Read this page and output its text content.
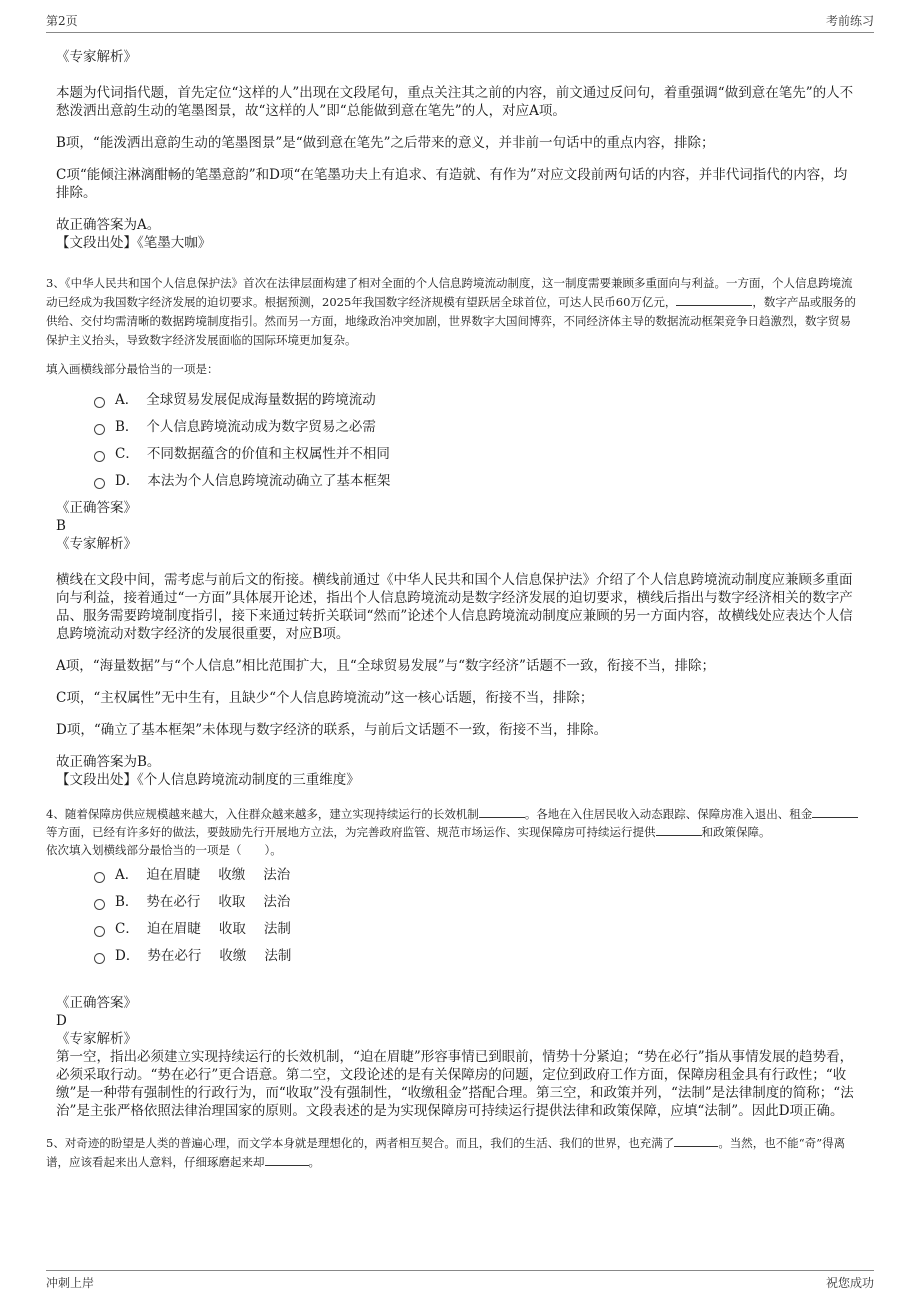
第2页	考前练习

《专家解析》

本题为代词指代题，首先定位“这样的人”出现在文段尾句，重点关注其之前的内容，前文通过反问句，着重强调“做到意在笔先”的人不愁泼洒出意韵生动的笔墨图景，故“这样的人”即“总能做到意在笔先”的人，对应A项。

B项，“能泼洒出意韵生动的笔墨图景”是“做到意在笔先”之后带来的意义，并非前一句话中的重点内容，排除；

C项“能倾注淋漓酣畅的笔墨意韵”和D项“在笔墨功夫上有追求、有造就、有作为”对应文段前两句话的内容，并非代词指代的内容，均排除。

故正确答案为A。

【文段出处】《笔墨大咖》

3、《中华人民共和国个人信息保护法》首次在法律层面构建了相对全面的个人信息跨境流动制度，这一制度需要兼顾多重面向与利益。一方面，个人信息跨境流动已经成为我国数字经济发展的迫切要求。根据预测，2025年我国数字经济规模有望跃居全球首位，可达人民币60万亿元，	，数字产品或服务的供给、交付均需清晰的数据跨境制度指引。然而另一方面，地缘政治冲突加剧，世界数字大国间博弈，不同经济体主导的数据流动框架竞争日趋激烈，数字贸易保护主义抬头，导致数字经济发展面临的国际环境更加复杂。

填入画横线部分最恰当的一项是：

A． 全球贸易发展促成海量数据的跨境流动
B． 个人信息跨境流动成为数字贸易之必需
C． 不同数据蕴含的价值和主权属性并不相同
D． 本法为个人信息跨境流动确立了基本框架

《正确答案》

B

《专家解析》

横线在文段中间，需考虑与前后文的衔接。横线前通过《中华人民共和国个人信息保护法》介绍了个人信息跨境流动制度应兼顾多重面向与利益，接着通过“一方面”具体展开论述，指出个人信息跨境流动是数字经济发展的迫切要求，横线后指出与数字经济相关的数字产品、服务需要跨境制度指引，接下来通过转折关联词“然而”论述个人信息跨境流动制度应兼顾的另一方面内容，故横线处应表达个人信息跨境流动对数字经济的发展很重要，对应B项。

A项，“海量数据”与“个人信息”相比范围扩大，且“全球贸易发展”与“数字经济”话题不一致，衔接不当，排除；

C项，“主权属性”无中生有，且缺少“个人信息跨境流动”这一核心话题，衔接不当，排除；

D项，“确立了基本框架”未体现与数字经济的联系，与前后文话题不一致，衔接不当，排除。

故正确答案为B。

【文段出处】《个人信息跨境流动制度的三重维度》

4、随着保障房供应规模越来越大，入住群众越来越多，建立实现持续运行的长效机制	。各地在入住居民收入动态跟踪、保障房准入退出、租金等方面，已经有许多好的做法，要鼓励先行开展地方立法，为完善政府监管、规范市场运作、实现保障房可持续运行提供	和政策保障。

依次填入划横线部分最恰当的一项是（　　）。

A． 迫在眉睫 收缴 法治
B． 势在必行 收取 法治
C． 迫在眉睫 收取 法制
D． 势在必行 收缴 法制

《正确答案》

D

《专家解析》

第一空，指出必须建立实现持续运行的长效机制，“迫在眉睫”形容事情已到眼前，情势十分紧迫；“势在必行”指从事情发展的趋势看，必须采取行动。“势在必行”更合语意。第二空，文段论述的是有关保障房的问题，定位到政府工作方面，保障房租金具有行政性；“收缴”是一种带有强制性的行政行为，而“收取”没有强制性，“收缴租金”搭配合理。第三空，和政策并列，“法制”是法律制度的简称；“法治”是主张严格依照法律治理国家的原则。文段表述的是为实现保障房可持续运行提供法律和政策保障，应填“法制”。因此D项正确。

5、对奇迹的盼望是人类的普遍心理，而文学本身就是理想化的，两者相互契合。而且，我们的生活、我们的世界，也充满了	。当然，也不能“奇”得离谱，应该看起来出人意料，仔细琢磨起来却	。

冲刺上岸	祝您成功
